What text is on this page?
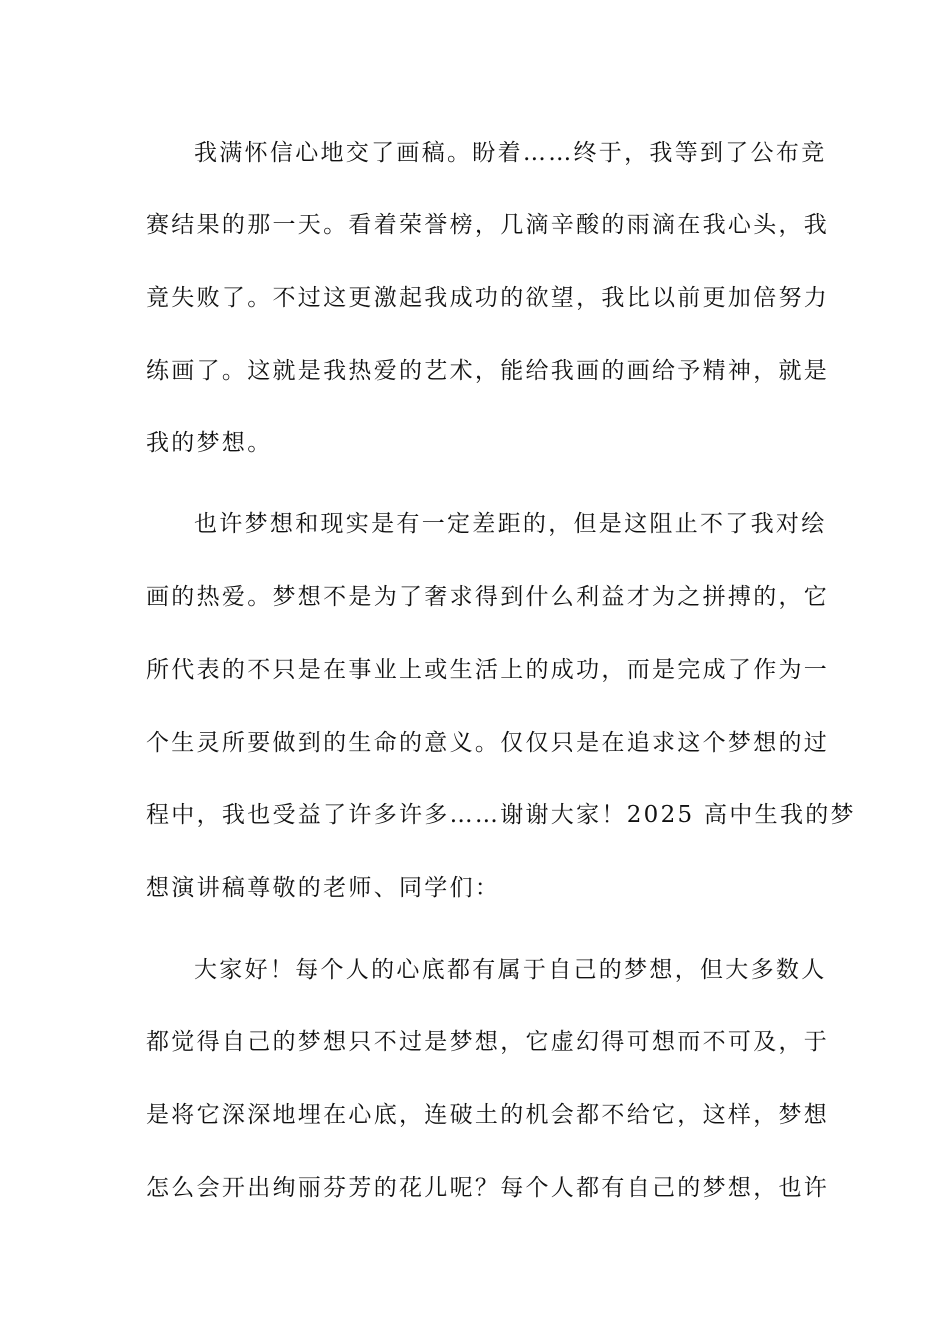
我满怀信心地交了画稿。盼着……终于，我等到了公布竞
赛结果的那一天。看着荣誉榜，几滴辛酸的雨滴在我心头，我
竟失败了。不过这更激起我成功的欲望，我比以前更加倍努力
练画了。这就是我热爱的艺术，能给我画的画给予精神，就是
我的梦想。
也许梦想和现实是有一定差距的，但是这阻止不了我对绘
画的热爱。梦想不是为了奢求得到什么利益才为之拼搏的，它
所代表的不只是在事业上或生活上的成功，而是完成了作为一
个生灵所要做到的生命的意义。仅仅只是在追求这个梦想的过
程中，我也受益了许多许多……谢谢大家！2025 高中生我的梦
想演讲稿尊敬的老师、同学们：
大家好！每个人的心底都有属于自己的梦想，但大多数人
都觉得自己的梦想只不过是梦想，它虚幻得可想而不可及，于
是将它深深地埋在心底，连破土的机会都不给它，这样，梦想
怎么会开出绚丽芬芳的花儿呢？每个人都有自己的梦想，也许
